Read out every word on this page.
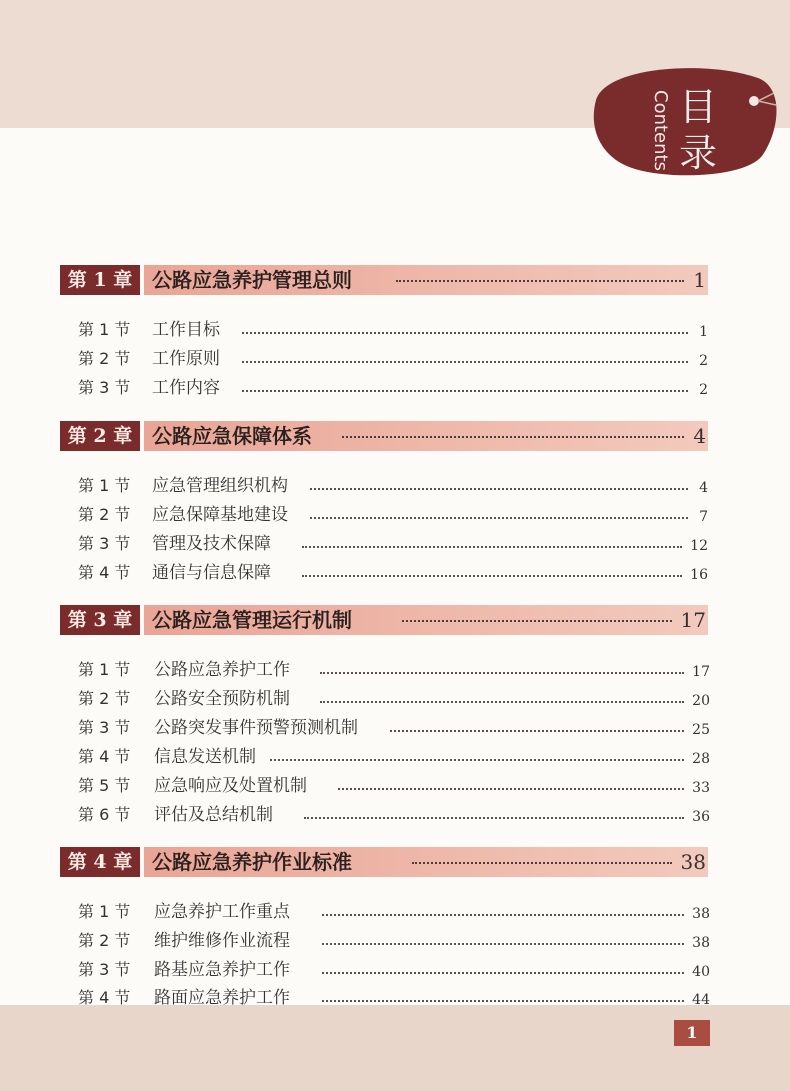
Contents 目录
第 1 章 公路应急养护管理总则	1
第 1 节 工作目标	1
第 2 节 工作原则	2
第 3 节 工作内容	2
第 2 章 公路应急保障体系	4
第 1 节 应急管理组织机构	4
第 2 节 应急保障基地建设	7
第 3 节 管理及技术保障	12
第 4 节 通信与信息保障	16
第 3 章 公路应急管理运行机制	17
第 1 节 公路应急养护工作	17
第 2 节 公路安全预防机制	20
第 3 节 公路突发事件预警预测机制	25
第 4 节 信息发送机制	28
第 5 节 应急响应及处置机制	33
第 6 节 评估及总结机制	36
第 4 章 公路应急养护作业标准	38
第 1 节 应急养护工作重点	38
第 2 节 维护维修作业流程	38
第 3 节 路基应急养护工作	40
第 4 节 路面应急养护工作	44
1
